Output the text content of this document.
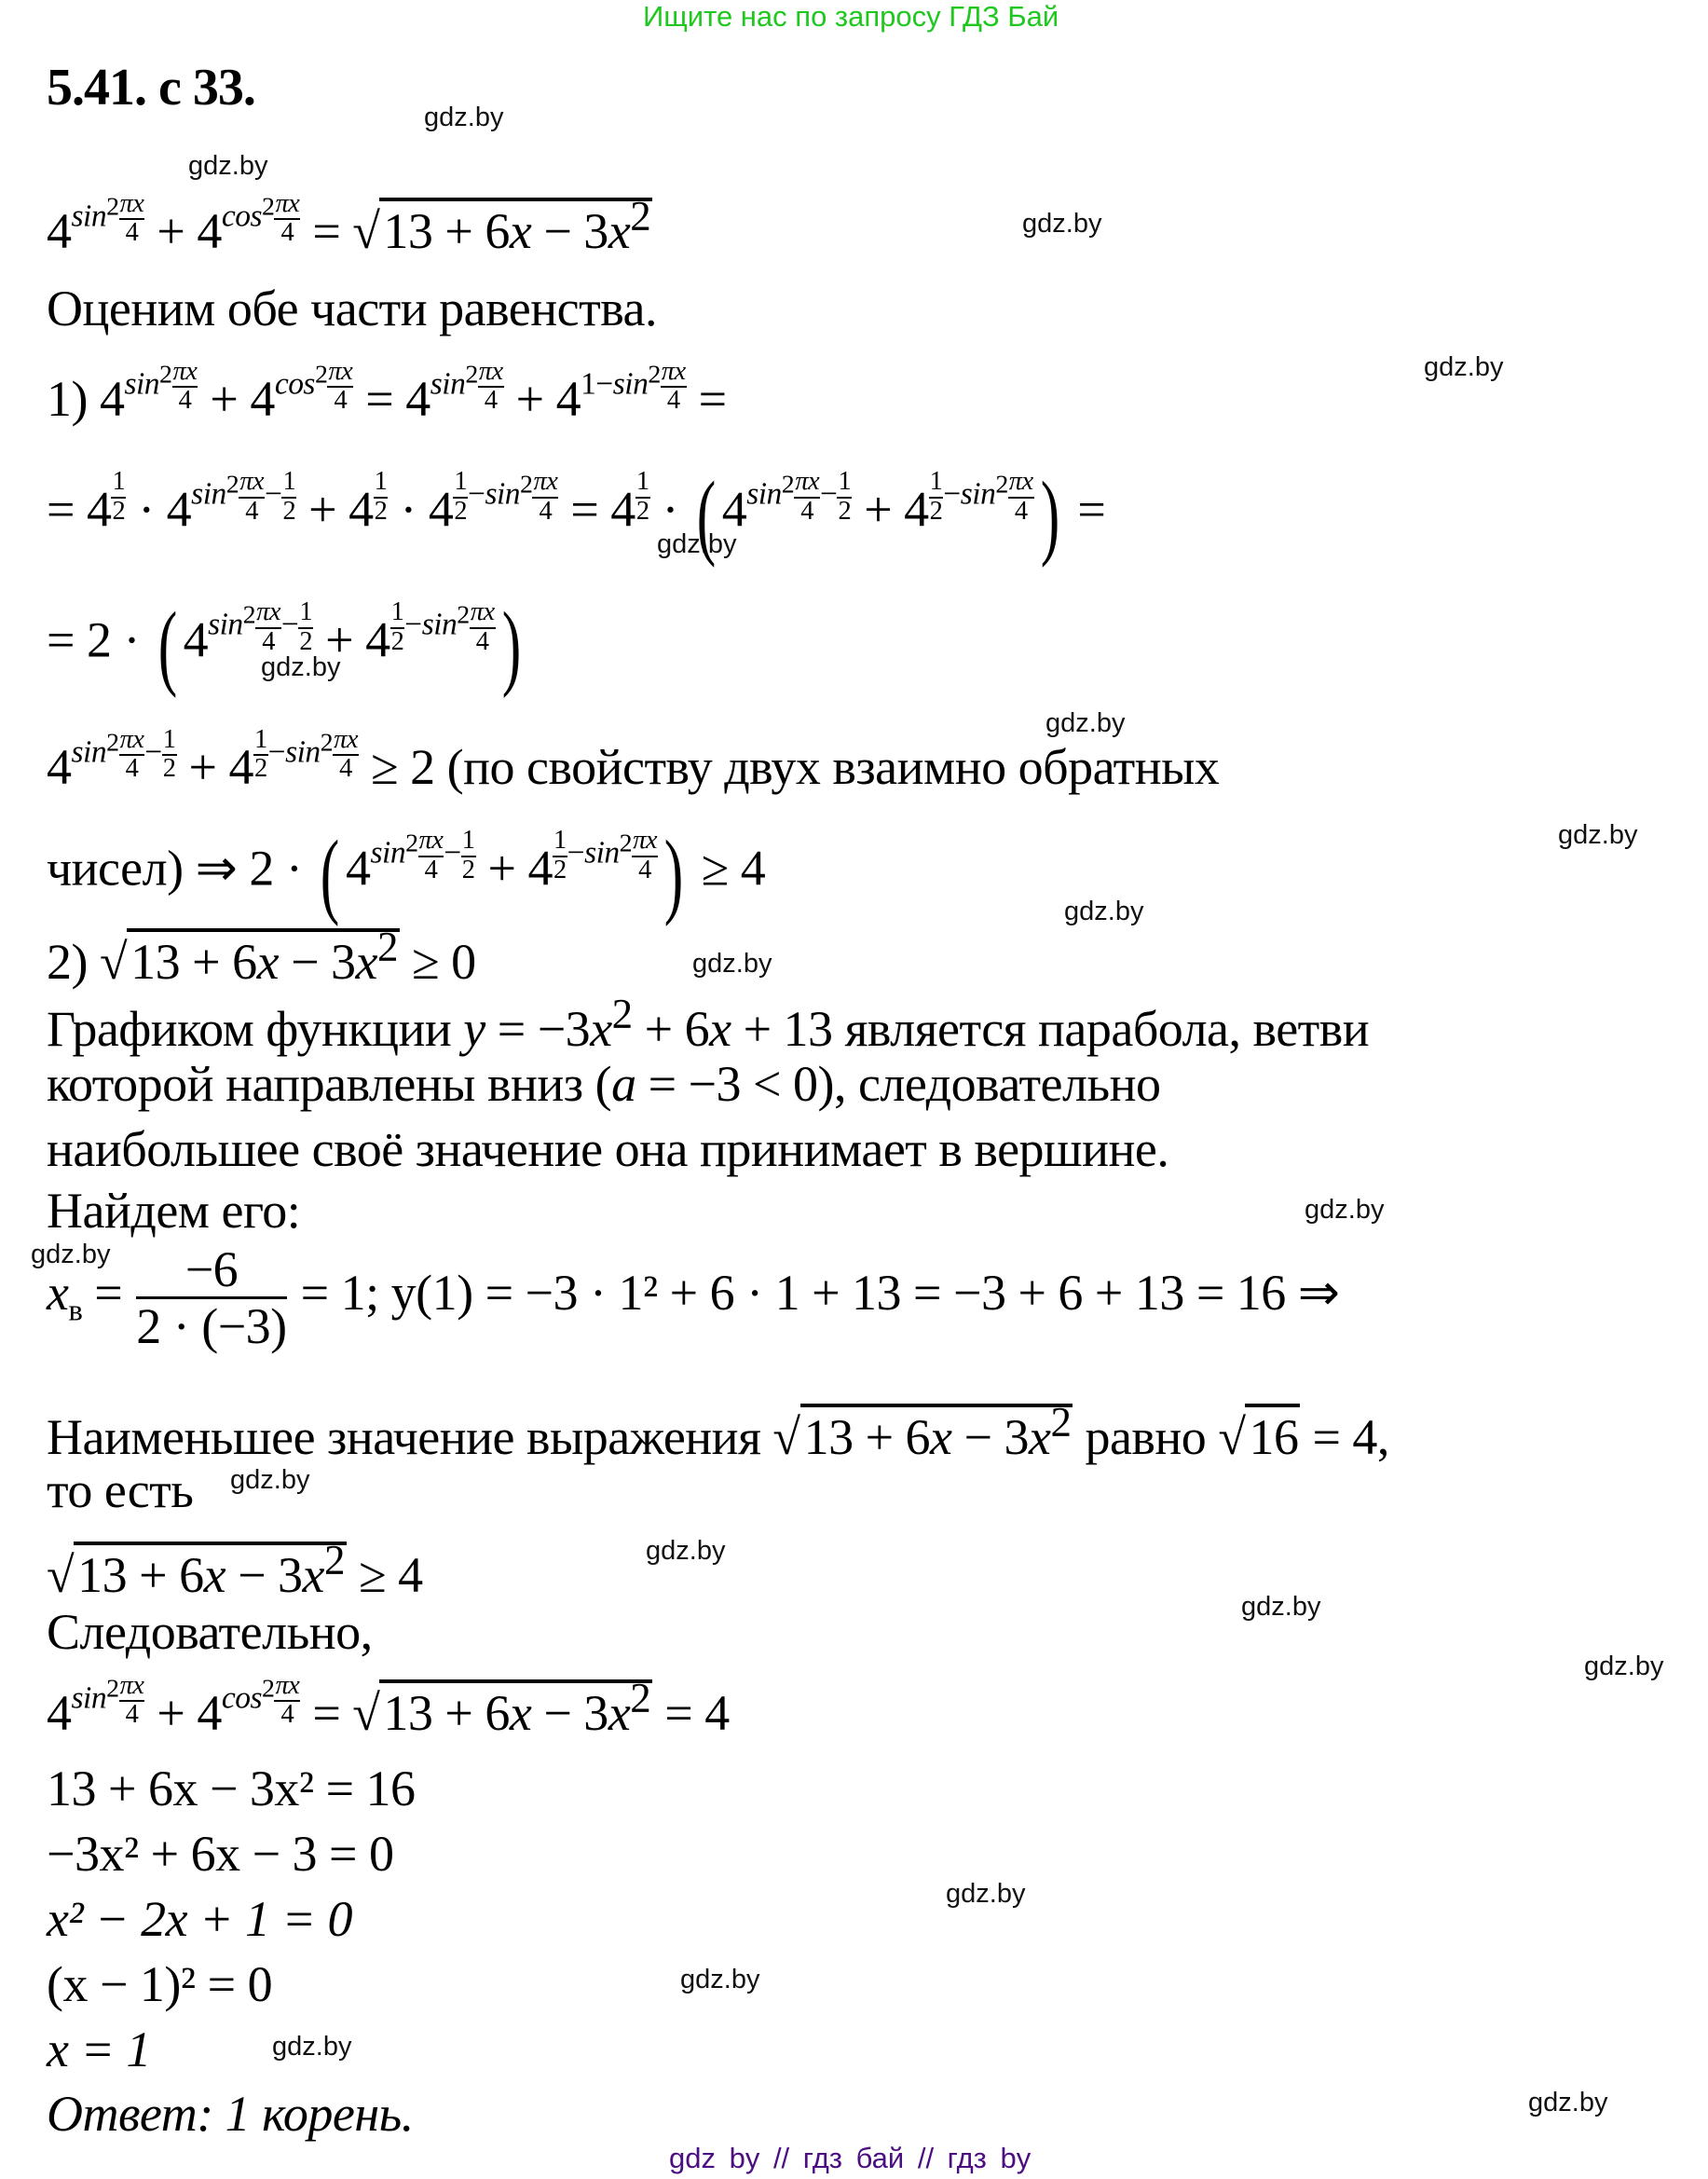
Ищите нас по запросу ГДЗ Бай
5.41. с 33.
gdz.by
gdz.by
gdz.by
gdz.by
gdz.by
gdz.by
gdz.by
gdz.by
gdz.by
gdz.by
gdz.by
gdz.by
gdz.by
gdz.by
gdz.by
gdz.by
gdz.by
gdz.by
gdz.by
gdz.by
$4\sin^2 \frac{\pi x}{4} + 4\cos^2 \frac{\pi x}{4} = √13 + 6x - 3x^2$
Оценим обе части равенства.
1) $4\sin^2 \frac{\pi x}{4} + 4\cos^2 \frac{\pi x}{4} = 4\sin^2 \frac{\pi x}{4} + 41-\sin^2 \frac{\pi x}{4}$ =
= $4 \frac{1}{2} \cdot 4\sin^2 \frac{\pi x}{4} - \frac{1}{2} + 4 \frac{1}{2} \cdot 4 \frac{1}{2} -\sin^2 \frac{\pi x}{4} = 4 \frac{1}{2}$ · ( $4\sin^2 \frac{\pi x}{4} - \frac{1}{2} + 4 \frac{1}{2} -\sin^2 \frac{\pi x}{4}$ ) =
= 2 · ( $4\sin^2 \frac{\pi x}{4} - \frac{1}{2} + 4 \frac{1}{2} -\sin^2 \frac{\pi x}{4}$ )
$4\sin^2 \frac{\pi x}{4} - \frac{1}{2} + 4 \frac{1}{2} -\sin^2 \frac{\pi x}{4} \ge 2$ (по свойству двух взаимно обратных
чисел) ⇒ 2 · ( $4\sin^2 \frac{\pi x}{4} - \frac{1}{2} + 4 \frac{1}{2} -\sin^2 \frac{\pi x}{4}$ ) ≥ 4
2) $√13 + 6x - 3x^2 \ge 0$
Графиком функции $y = -3x^2 + 6x + 13$ является парабола, ветви
которой направлены вниз (a = −3 < 0), следовательно
наибольшее своё значение она принимает в вершине.
Найдем его:
$x_в = \frac{-6}{2 \cdot (-3)} = 1$; y(1) = −3 · 1² + 6 · 1 + 13 = −3 + 6 + 13 = 16 ⇒
Наименьшее значение выражения $√13 + 6x - 3x^2$ равно √16 = 4,
то есть
$√13 + 6x - 3x^2 \ge 4$
Следовательно,
$4\sin^2 \frac{\pi x}{4} + 4\cos^2 \frac{\pi x}{4} = √13 + 6x - 3x^2 = 4$
13 + 6x − 3x² = 16
−3x² + 6x − 3 = 0
x² − 2x + 1 = 0
(x − 1)² = 0
x = 1
Ответ: 1 корень.
gdz by // гдз бай // гдз by
